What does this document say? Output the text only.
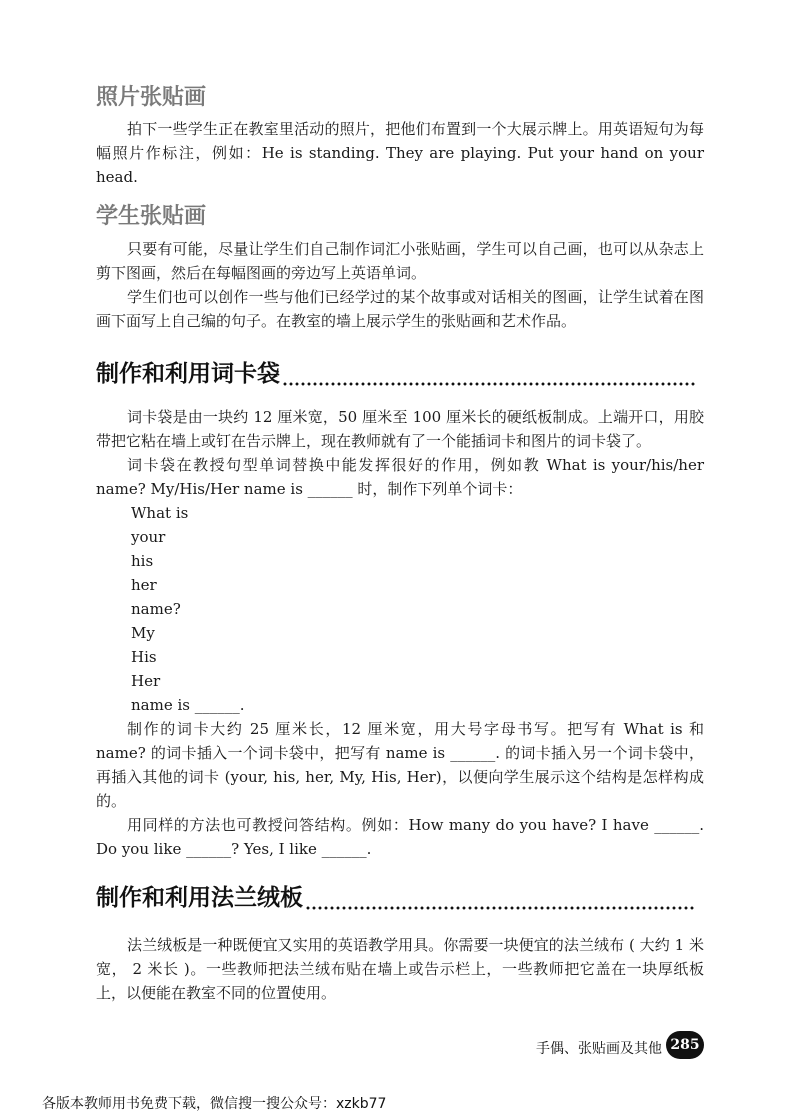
照片张贴画

拍下一些学生正在教室里活动的照片，把他们布置到一个大展示牌上。用英语短句为每幅照片作标注，例如：He is standing. They are playing. Put your hand on your head.

学生张贴画

只要有可能，尽量让学生们自己制作词汇小张贴画，学生可以自己画，也可以从杂志上剪下图画，然后在每幅图画的旁边写上英语单词。

学生们也可以创作一些与他们已经学过的某个故事或对话相关的图画，让学生试着在图画下面写上自己编的句子。在教室的墙上展示学生的张贴画和艺术作品。

制作和利用词卡袋

词卡袋是由一块约 12 厘米宽，50 厘米至 100 厘米长的硬纸板制成。上端开口，用胶带把它粘在墙上或钉在告示牌上，现在教师就有了一个能插词卡和图片的词卡袋了。

词卡袋在教授句型单词替换中能发挥很好的作用，例如教 What is your/his/her name? My/His/Her name is ______ 时，制作下列单个词卡：

What is
your
his
her
name?
My
His
Her
name is ______.

制作的词卡大约 25 厘米长，12 厘米宽，用大号字母书写。把写有 What is 和 name? 的词卡插入一个词卡袋中，把写有 name is ______. 的词卡插入另一个词卡袋中，再插入其他的词卡 (your, his, her, My, His, Her)，以便向学生展示这个结构是怎样构成的。

用同样的方法也可教授问答结构。例如：How many do you have? I have ______. Do you like ______? Yes, I like ______.

制作和利用法兰绒板

法兰绒板是一种既便宜又实用的英语教学用具。你需要一块便宜的法兰绒布 ( 大约 1 米宽， 2 米长 )。一些教师把法兰绒布贴在墙上或告示栏上，一些教师把它盖在一块厚纸板上，以便能在教室不同的位置使用。

手偶、张贴画及其他 285
各版本教师用书免费下载，微信搜一搜公众号：xzkb77
